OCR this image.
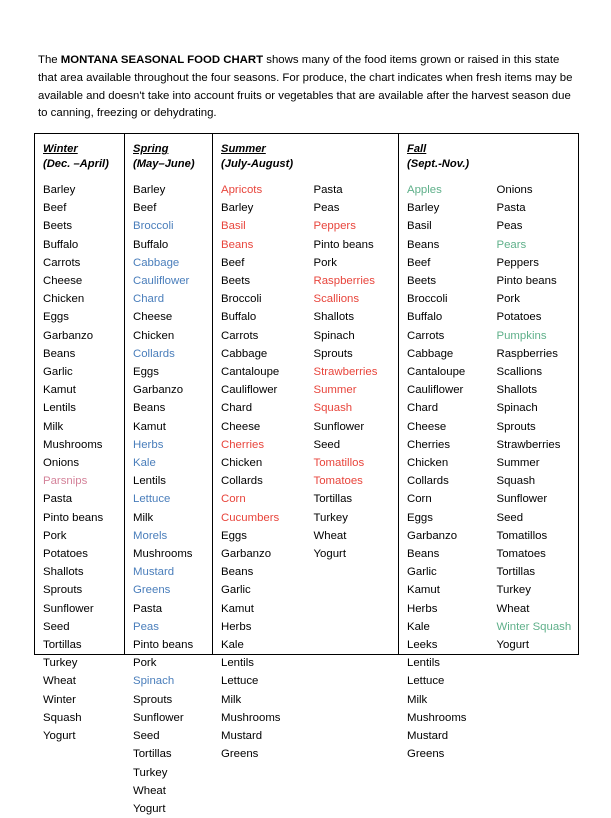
The MONTANA SEASONAL FOOD CHART shows many of the food items grown or raised in this state that area available throughout the four seasons. For produce, the chart indicates when fresh items may be available and doesn't take into account fruits or vegetables that are available after the harvest season due to canning, freezing or dehydrating.

Winter
(Dec. –April)
Barley
Beef
Beets
Buffalo
Carrots
Cheese
Chicken
Eggs
Garbanzo
Beans
Garlic
Kamut
Lentils
Milk
Mushrooms
Onions
Parsnips
Pasta
Pinto beans
Pork
Potatoes
Shallots
Sprouts
Sunflower
Seed
Tortillas
Turkey
Wheat
Winter
Squash
Yogurt
Spring
(May–June)
Barley
Beef
Broccoli
Buffalo
Cabbage
Cauliflower
Chard
Cheese
Chicken
Collards
Eggs
Garbanzo
Beans
Kamut
Herbs
Kale
Lentils
Lettuce
Milk
Morels
Mushrooms
Mustard
Greens
Pasta
Peas
Pinto beans
Pork
Spinach
Sprouts
Sunflower
Seed
Tortillas
Turkey
Wheat
Yogurt
Summer
(July-August)
Apricots
Barley
Basil
Beans
Beef
Beets
Broccoli
Buffalo
Carrots
Cabbage
Cantaloupe
Cauliflower
Chard
Cheese
Cherries
Chicken
Collards
Corn
Cucumbers
Eggs
Garbanzo
Beans
Garlic
Kamut
Herbs
Kale
Lentils
Lettuce
Milk
Mushrooms
Mustard
Greens
Pasta
Peas
Peppers
Pinto beans
Pork
Raspberries
Scallions
Shallots
Spinach
Sprouts
Strawberries
Summer
Squash
Sunflower
Seed
Tomatillos
Tomatoes
Tortillas
Turkey
Wheat
Yogurt
Fall
(Sept.-Nov.)
Apples
Barley
Basil
Beans
Beef
Beets
Broccoli
Buffalo
Carrots
Cabbage
Cantaloupe
Cauliflower
Chard
Cheese
Cherries
Chicken
Collards
Corn
Eggs
Garbanzo
Beans
Garlic
Kamut
Herbs
Kale
Leeks
Lentils
Lettuce
Milk
Mushrooms
Mustard
Greens
Onions
Pasta
Peas
Pears
Peppers
Pinto beans
Pork
Potatoes
Pumpkins
Raspberries
Scallions
Shallots
Spinach
Sprouts
Strawberries
Summer
Squash
Sunflower
Seed
Tomatillos
Tomatoes
Tortillas
Turkey
Wheat
Winter Squash
Yogurt
